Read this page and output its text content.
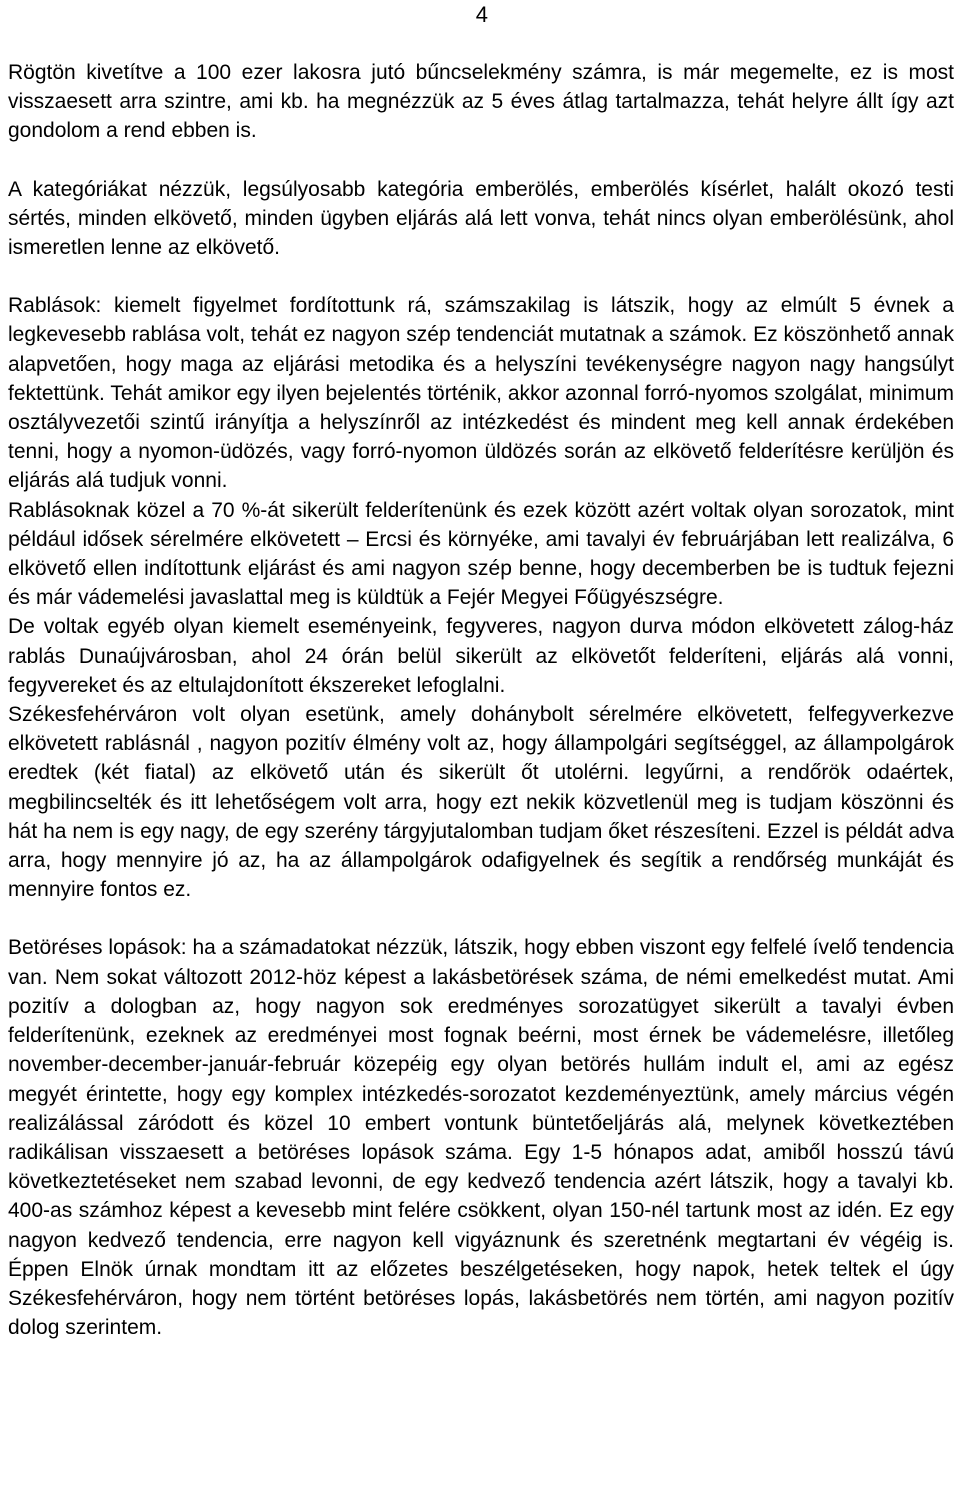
4

Rögtön kivetítve a 100 ezer lakosra jutó bűncselekmény számra, is már megemelte, ez is most visszaesett arra szintre, ami kb. ha megnézzük az 5 éves átlag tartalmazza, tehát helyre állt így azt gondolom a rend ebben is.

A kategóriákat nézzük, legsúlyosabb kategória emberölés, emberölés kísérlet, halált okozó testi sértés, minden elkövető, minden ügyben eljárás alá lett vonva, tehát nincs olyan emberölésünk, ahol ismeretlen lenne az elkövető.

Rablások: kiemelt figyelmet fordítottunk rá, számszakilag is látszik, hogy az elmúlt 5 évnek a legkevesebb rablása volt, tehát ez nagyon szép tendenciát mutatnak a számok. Ez köszönhető annak alapvetően, hogy maga az eljárási metodika és a helyszíni tevékenységre nagyon nagy hangsúlyt fektettünk. Tehát amikor egy ilyen bejelentés történik, akkor azonnal forró-nyomos szolgálat, minimum osztályvezetői szintű irányítja a helyszínről az intézkedést és mindent meg kell annak érdekében tenni, hogy a nyomon-üdözés, vagy forró-nyomon üldözés során az elkövető felderítésre kerüljön és eljárás alá tudjuk vonni.

Rablásoknak közel a 70 %-át sikerült felderítenünk és ezek között azért voltak olyan sorozatok, mint például idősek sérelmére elkövetett – Ercsi és környéke, ami tavalyi év februárjában lett realizálva, 6 elkövető ellen indítottunk eljárást és ami nagyon szép benne, hogy decemberben be is tudtuk fejezni és már vádemelési javaslattal meg is küldtük a Fejér Megyei Főügyészségre.

De voltak egyéb olyan kiemelt eseményeink, fegyveres, nagyon durva módon elkövetett zálog-ház rablás Dunaújvárosban, ahol 24 órán belül sikerült az elkövetőt felderíteni, eljárás alá vonni, fegyvereket és az eltulajdonított ékszereket lefoglalni.

Székesfehérváron volt olyan esetünk, amely dohánybolt sérelmére elkövetett, felfegyverkezve elkövetett rablásnál , nagyon pozitív élmény volt az, hogy állampolgári segítséggel, az állampolgárok eredtek (két fiatal) az elkövető után és sikerült őt utolérni. legyűrni, a rendőrök odaértek, megbilincselték és itt lehetőségem volt arra, hogy ezt nekik közvetlenül meg is tudjam köszönni és hát ha nem is egy nagy, de egy szerény tárgyjutalomban tudjam őket részesíteni. Ezzel is példát adva arra, hogy mennyire jó az, ha az állampolgárok odafigyelnek és segítik a rendőrség munkáját és mennyire fontos ez.

Betöréses lopások: ha a számadatokat nézzük, látszik, hogy ebben viszont egy felfelé ívelő tendencia van. Nem sokat változott 2012-höz képest a lakásbetörések száma, de némi emelkedést mutat. Ami pozitív a dologban az, hogy nagyon sok eredményes sorozatügyet sikerült a tavalyi évben felderítenünk, ezeknek az eredményei most fognak beérni, most érnek be vádemelésre, illetőleg november-december-január-február közepéig egy olyan betörés hullám indult el, ami az egész megyét érintette, hogy egy komplex intézkedés-sorozatot kezdeményeztünk, amely március végén realizálással záródott és közel 10 embert vontunk büntetőeljárás alá, melynek következtében radikálisan visszaesett a betöréses lopások száma. Egy 1-5 hónapos adat, amiből hosszú távú következtetéseket nem szabad levonni, de egy kedvező tendencia azért látszik, hogy a tavalyi kb. 400-as számhoz képest a kevesebb mint felére csökkent, olyan 150-nél tartunk most az idén. Ez egy nagyon kedvező tendencia, erre nagyon kell vigyáznunk és szeretnénk megtartani év végéig is. Éppen Elnök úrnak mondtam itt az előzetes beszélgetéseken, hogy napok, hetek teltek el úgy Székesfehérváron, hogy nem történt betöréses lopás, lakásbetörés nem történ, ami nagyon pozitív dolog szerintem.
